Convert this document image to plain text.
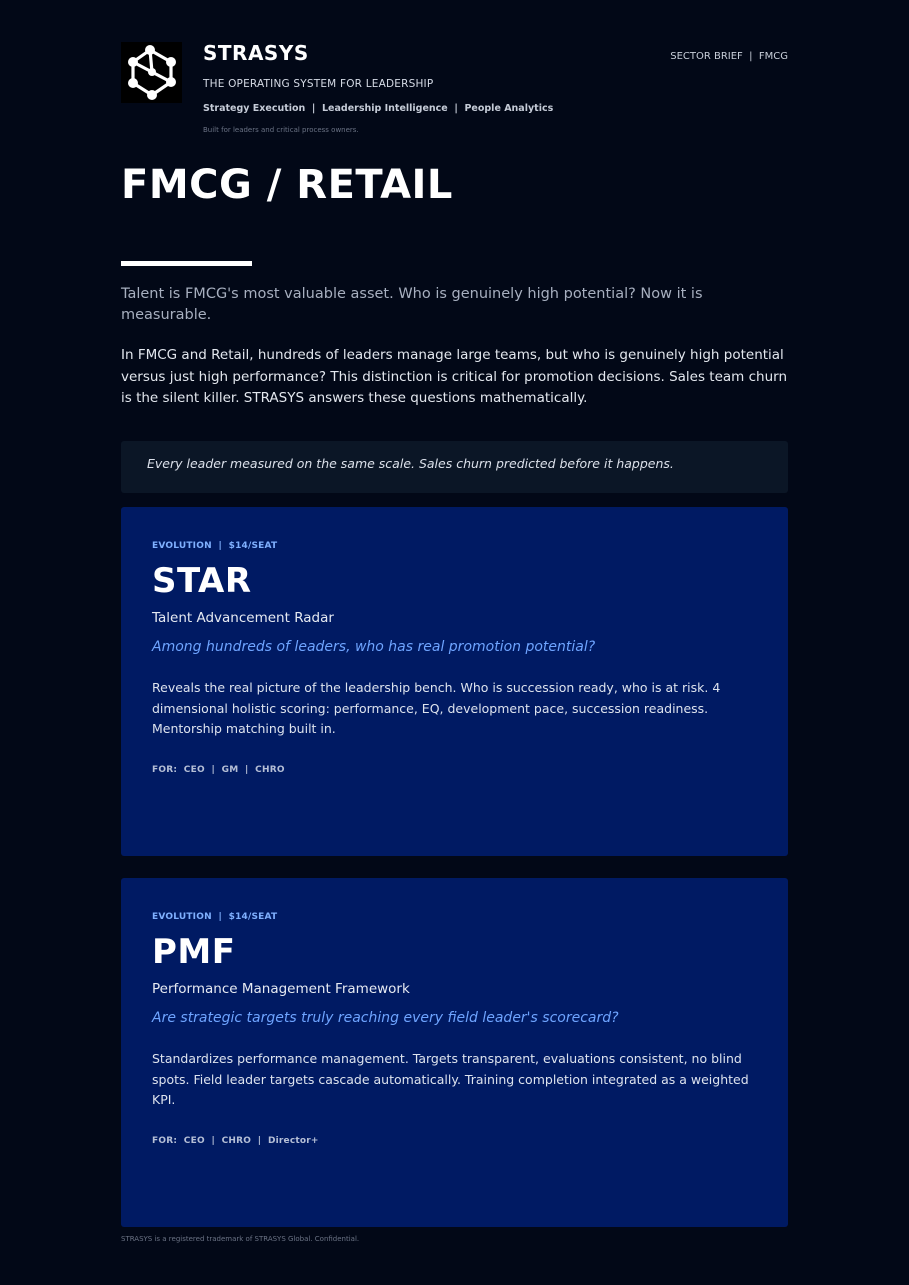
STRASYS
THE OPERATING SYSTEM FOR LEADERSHIP
Strategy Execution  |  Leadership Intelligence  |  People Analytics
Built for leaders and critical process owners.
SECTOR BRIEF  |  FMCG
FMCG / RETAIL
Talent is FMCG's most valuable asset. Who is genuinely high potential? Now it is measurable.
In FMCG and Retail, hundreds of leaders manage large teams, but who is genuinely high potential versus just high performance? This distinction is critical for promotion decisions. Sales team churn is the silent killer. STRASYS answers these questions mathematically.
Every leader measured on the same scale. Sales churn predicted before it happens.
EVOLUTION  |  $14/SEAT
STAR
Talent Advancement Radar
Among hundreds of leaders, who has real promotion potential?
Reveals the real picture of the leadership bench. Who is succession ready, who is at risk. 4 dimensional holistic scoring: performance, EQ, development pace, succession readiness. Mentorship matching built in.
FOR:  CEO  |  GM  |  CHRO
EVOLUTION  |  $14/SEAT
PMF
Performance Management Framework
Are strategic targets truly reaching every field leader's scorecard?
Standardizes performance management. Targets transparent, evaluations consistent, no blind spots. Field leader targets cascade automatically. Training completion integrated as a weighted KPI.
FOR:  CEO  |  CHRO  |  Director+
STRASYS is a registered trademark of STRASYS Global. Confidential.
